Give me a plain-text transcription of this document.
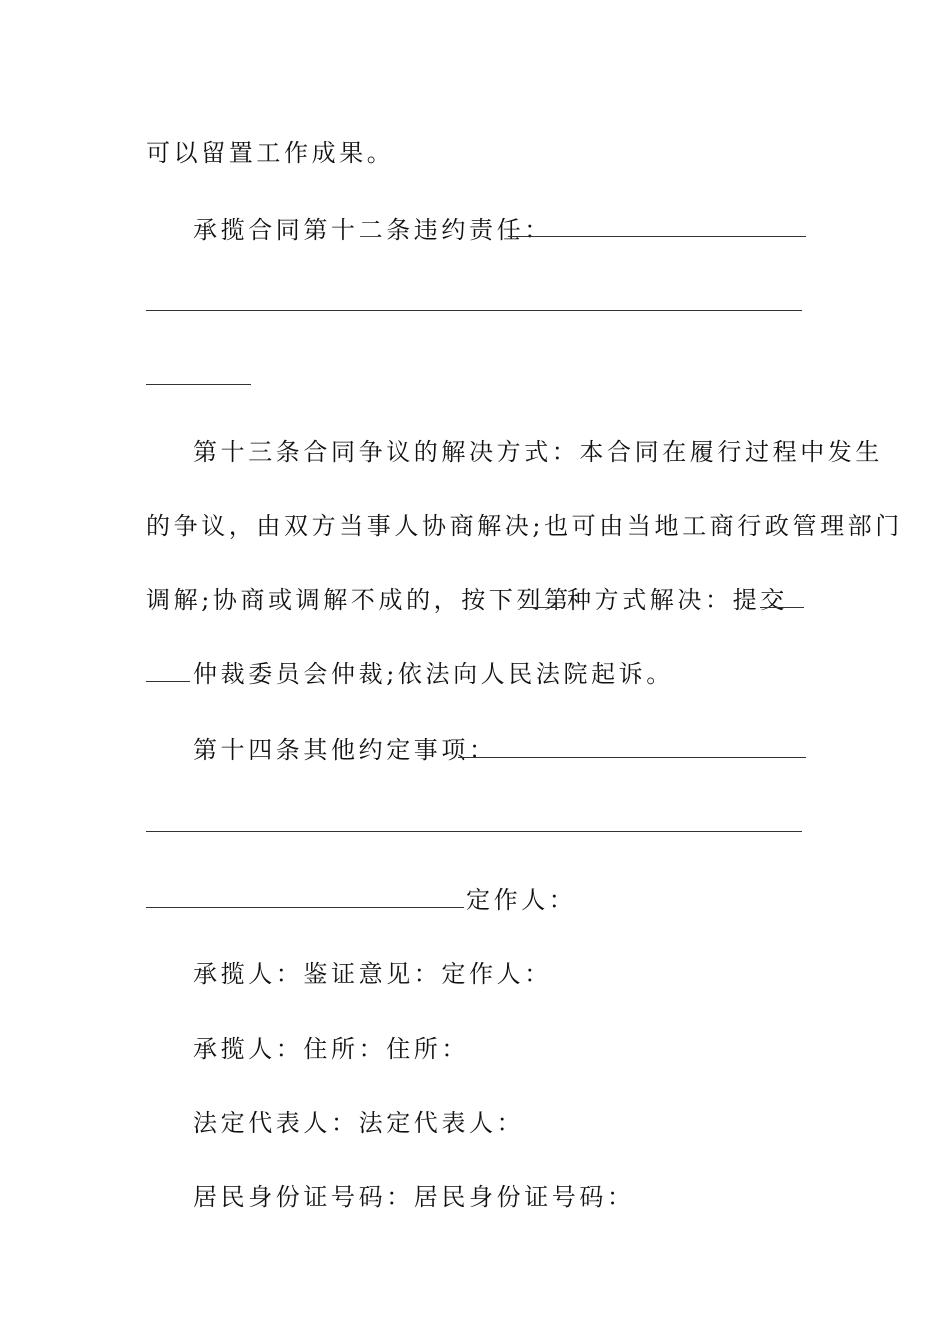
可以留置工作成果。
承揽合同第十二条违约责任：
第十三条合同争议的解决方式：本合同在履行过程中发生
的争议，由双方当事人协商解决;也可由当地工商行政管理部门
调解;协商或调解不成的，按下列第
种方式解决：提交
仲裁委员会仲裁;依法向人民法院起诉。
第十四条其他约定事项：
定作人：
承揽人：鉴证意见：定作人：
承揽人：住所：住所：
法定代表人：法定代表人：
居民身份证号码：居民身份证号码：
